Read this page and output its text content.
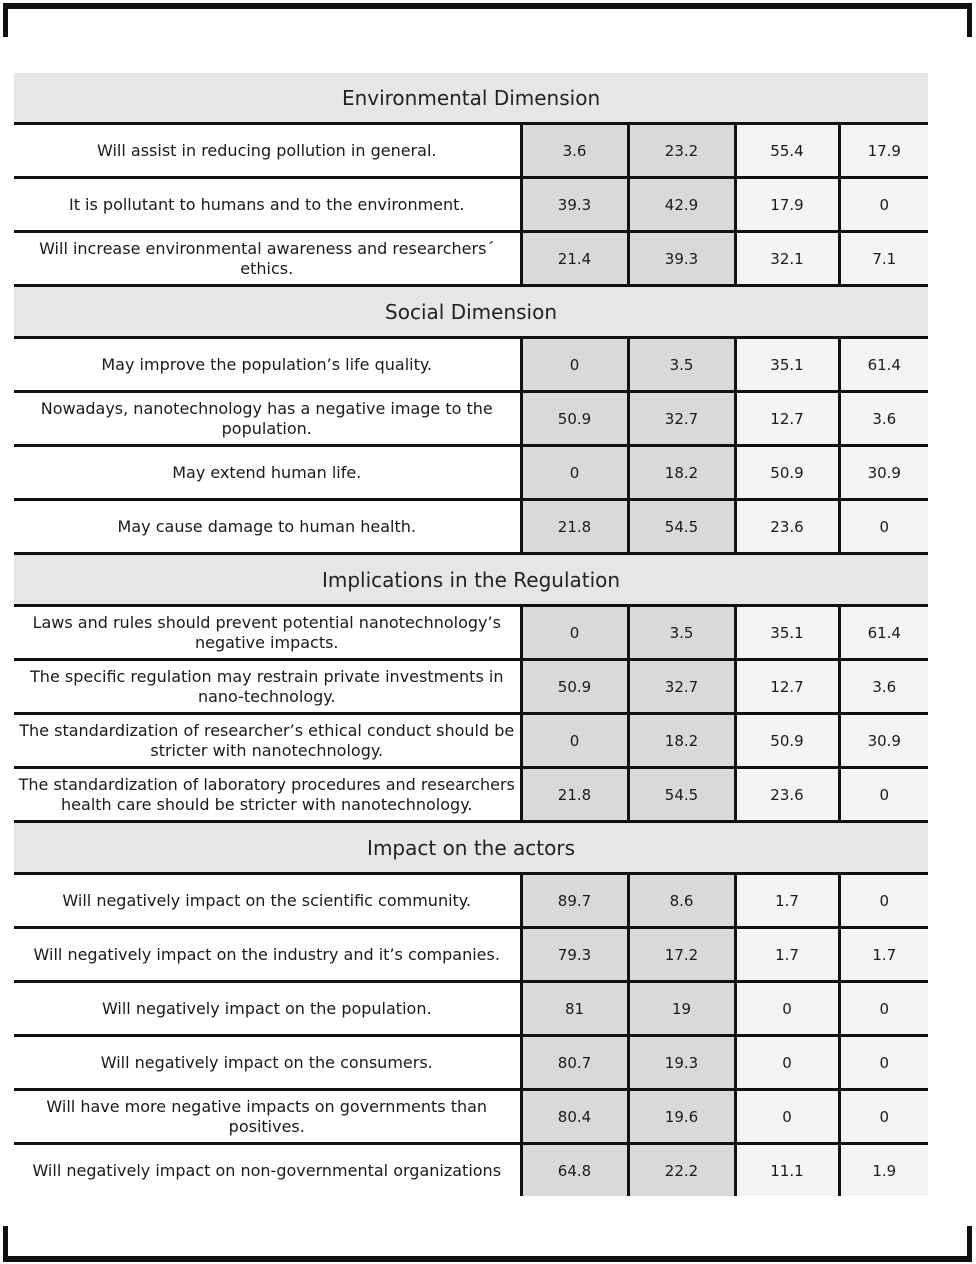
Environmental Dimension				
Will assist in reducing pollution in general.	3.6	23.2	55.4	17.9
It is pollutant to humans and to the environment.	39.3	42.9	17.9	0
Will increase environmental awareness and researchers´ ethics.	21.4	39.3	32.1	7.1
Social Dimension				
May improve the population’s life quality.	0	3.5	35.1	61.4
Nowadays, nanotechnology has a negative image to the population.	50.9	32.7	12.7	3.6
May extend human life.	0	18.2	50.9	30.9
May cause damage to human health.	21.8	54.5	23.6	0
Implications in the Regulation				
Laws and rules should prevent potential nanotechnology’s negative impacts.	0	3.5	35.1	61.4
The specific regulation may restrain private investments in nano-technology.	50.9	32.7	12.7	3.6
The standardization of researcher’s ethical conduct should be stricter with nanotechnology.	0	18.2	50.9	30.9
The standardization of laboratory procedures and researchers health care should be stricter with nanotechnology.	21.8	54.5	23.6	0
Impact on the actors				
Will negatively impact on the scientific community.	89.7	8.6	1.7	0
Will negatively impact on the industry and it’s companies.	79.3	17.2	1.7	1.7
Will negatively impact on the population.	81	19	0	0
Will negatively impact on the consumers.	80.7	19.3	0	0
Will have more negative impacts on governments than positives.	80.4	19.6	0	0
Will negatively impact on non-governmental organizations	64.8	22.2	11.1	1.9
